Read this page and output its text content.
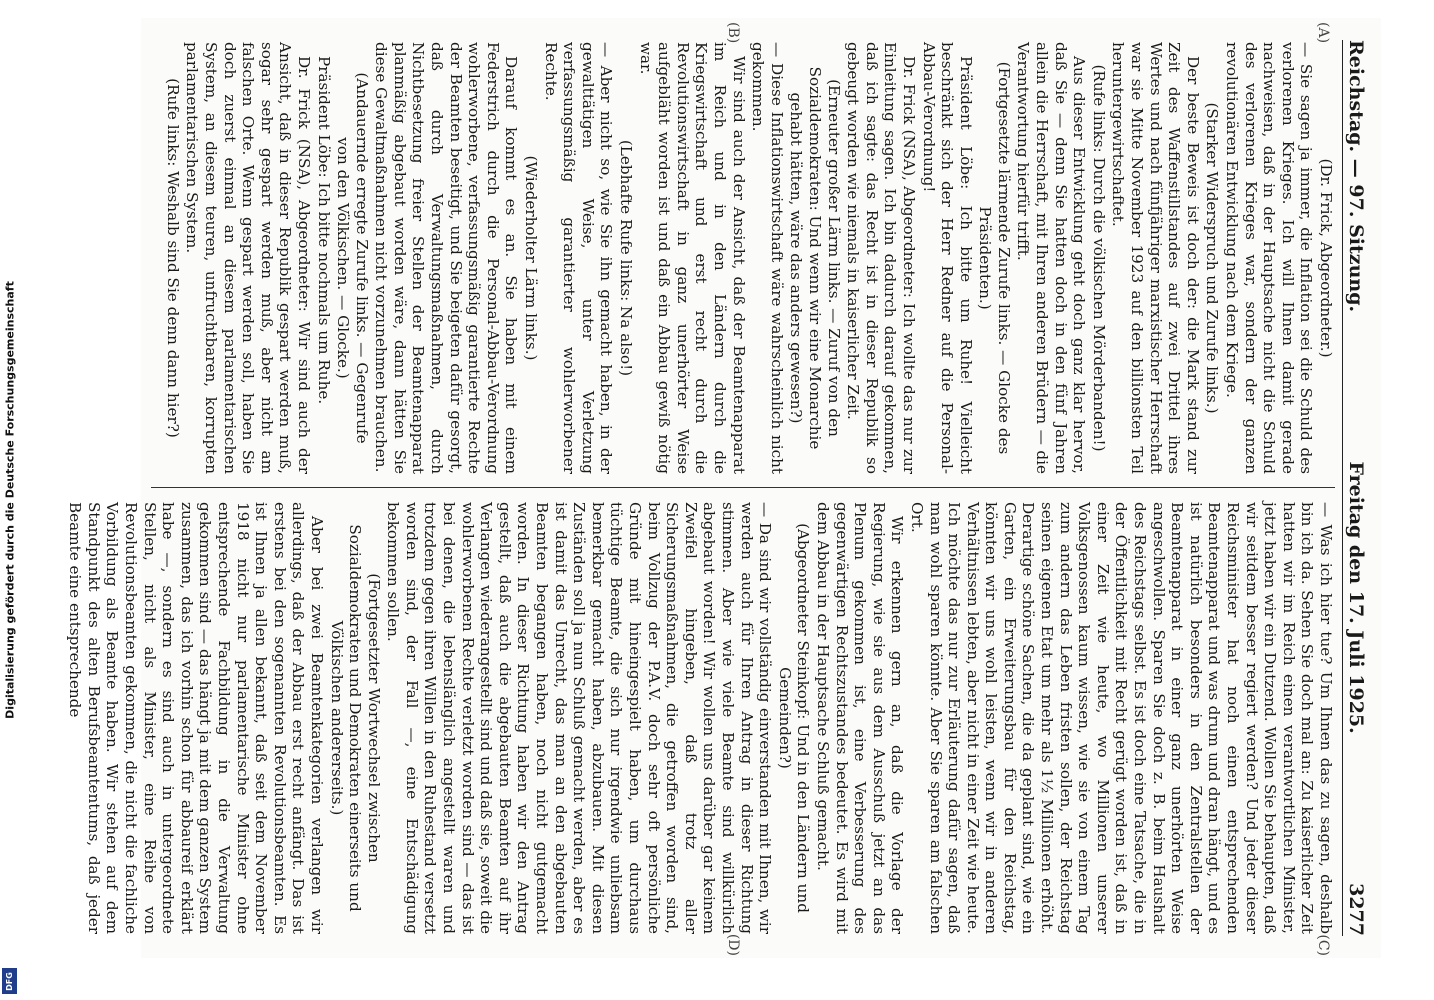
Digitalisierung gefördert durch die Deutsche Forschungsgemeinschaft
DFG
Reichstag. — 97. Sitzung.
Freitag den 17. Juli 1925.
3277

(Dr. Frick, Abgeordneter.)

— Sie sagen ja immer, die Inflation sei die Schuld des verlorenen Krieges. Ich will Ihnen damit gerade nachweisen, daß in der Hauptsache nicht die Schuld des verlorenen Krieges war, sondern der ganzen revolutionären Entwicklung nach dem Kriege.

(Starker Widerspruch und Zurufe links.)

Der beste Beweis ist doch der: die Mark stand zur Zeit des Waffenstillstandes auf zwei Drittel ihres Wertes und nach fünfjähriger marxistischer Herrschaft war sie Mitte November 1923 auf den billionsten Teil heruntergewirtschaftet.

(Rufe links: Durch die völkischen Mörderbanden!)

Aus dieser Entwicklung geht doch ganz klar hervor, daß Sie — denn Sie hatten doch in den fünf Jahren allein die Herrschaft, mit Ihren anderen Brüdern — die Verantwortung hierfür trifft.

(Fortgesetzte lärmende Zurufe links. — Glocke des Präsidenten.)

Präsident Löbe: Ich bitte um Ruhe! Vielleicht beschränkt sich der Herr Redner auf die Personal-Abbau-Verordnung!

Dr. Frick (NSA), Abgeordneter: Ich wollte das nur zur Einleitung sagen. Ich bin dadurch darauf gekommen, daß ich sagte: das Recht ist in dieser Republik so gebeugt worden wie niemals in kaiserlicher Zeit.

(Erneuter großer Lärm links. — Zuruf von den Sozialdemokraten: Und wenn wir eine Monarchie gehabt hätten, wäre das anders gewesen?)

— Diese Inflationswirtschaft wäre wahrscheinlich nicht gekommen.

Wir sind auch der Ansicht, daß der Beamtenapparat im Reich und in den Ländern durch die Kriegswirtschaft und erst recht durch die Revolutionswirtschaft in ganz unerhörter Weise aufgebläht worden ist und daß ein Abbau gewiß nötig war.

(Lebhafte Rufe links: Na also!)

— Aber nicht so, wie Sie ihn gemacht haben, in der gewalttätigen Weise, unter Verletzung verfassungsmäßig garantierter wohlerworbener Rechte.

(Wiederholter Lärm links.)

Darauf kommt es an. Sie haben mit einem Federstrich durch die Personal-Abbau-Verordnung wohlerworbene, verfassungsmäßig garantierte Rechte der Beamten beseitigt, und Sie beigeten dafür gesorgt, daß durch Verwaltungsmaßnahmen, durch Nichtbesetzung freier Stellen der Beamtenapparat planmäßig abgebaut worden wäre, dann hätten Sie diese Gewaltmaßnahmen nicht vorzunehmen brauchen.

(Andauernde erregte Zurufe links. — Gegenrufe von den Völkischen. — Glocke.)

Präsident Löbe: Ich bitte nochmals um Ruhe.

Dr. Frick (NSA), Abgeordneter: Wir sind auch der Ansicht, daß in dieser Republik gespart werden muß, sogar sehr gespart werden muß, aber nicht am falschen Orte. Wenn gespart werden soll, haben Sie doch zuerst einmal an diesem parlamentarischen System, an diesem teuren, unfruchtbaren, korrupten parlamentarischen System.

(Rufe links: Weshalb sind Sie denn dann hier?)

— Was ich hier tue? Um Ihnen das zu sagen, deshalb bin ich da. Sehen Sie doch mal an: Zu kaiserlicher Zeit hatten wir im Reich einen verantwortlichen Minister, jetzt haben wir ein Dutzend. Wollen Sie behaupten, daß wir seitdem besser regiert werden? Und jeder dieser Reichsminister hat noch einen entsprechenden Beamtenapparat und was drum und dran hängt, und es ist natürlich besonders in den Zentralstellen der Beamtenapparat in einer ganz unerhörten Weise angeschwollen. Sparen Sie doch z. B. beim Haushalt des Reichstags selbst. Es ist doch eine Tatsache, die in der Öffentlichkeit mit Recht gerügt worden ist, daß in einer Zeit wie heute, wo Millionen unserer Volksgenossen kaum wissen, wie sie von einem Tag zum andern das Leben fristen sollen, der Reichstag seinen eigenen Etat um mehr als 1½ Millionen erhöht. Derartige schöne Sachen, die da geplant sind, wie ein Garten, ein Erweiterungsbau für den Reichstag, könnten wir uns wohl leisten, wenn wir in anderen Verhältnissen lebten, aber nicht in einer Zeit wie heute. Ich möchte das nur zur Erläuterung dafür sagen, daß man wohl sparen könnte. Aber Sie sparen am falschen Ort.

Wir erkennen gern an, daß die Vorlage der Regierung, wie sie aus dem Ausschuß jetzt an das Plenum gekommen ist, eine Verbesserung des gegenwärtigen Rechtszustandes bedeutet. Es wird mit dem Abbau in der Hauptsache Schluß gemacht.

(Abgeordneter Steinkopf: Und in den Ländern und Gemeinden?)

— Da sind wir vollständig einverstanden mit Ihnen, wir werden auch für Ihren Antrag in dieser Richtung stimmen. Aber wie viele Beamte sind willkürlich abgebaut worden! Wir wollen uns darüber gar keinem Zweifel hingeben, daß trotz aller Sicherungsmaßnahmen, die getroffen worden sind, beim Vollzug der P.A.V. doch sehr oft persönliche Gründe mit hineingespielt haben, um durchaus tüchtige Beamte, die sich nur irgendwie unliebsam bemerkbar gemacht haben, abzubauen. Mit diesen Zuständen soll ja nun Schluß gemacht werden, aber es ist damit das Unrecht, das man an den abgebauten Beamten begangen haben, noch nicht gutgemacht worden. In dieser Richtung haben wir den Antrag gestellt, daß auch die abgebauten Beamten auf ihr Verlangen wiederangestellt sind und daß sie, soweit die wohlerworbenen Rechte verletzt worden sind — das ist bei denen, die lebenslänglich angestellt waren und trotzdem gegen ihren Willen in den Ruhestand versetzt worden sind, der Fall —, eine Entschädigung bekommen sollen.

(Fortgesetzter Wortwechsel zwischen Sozialdemokraten und Demokraten einerseits und Völkischen andererseits.)

Aber bei zwei Beamtenkategorien verlangen wir allerdings, daß der Abbau erst recht anfängt. Das ist erstens bei den sogenannten Revolutionsbeamten. Es ist Ihnen ja allen bekannt, daß seit dem November 1918 nicht nur parlamentarische Minister ohne entsprechende Fachbildung in die Verwaltung gekommen sind — das hängt ja mit dem ganzen System zusammen, das ich vorhin schon für abbaureif erklärt habe —, sondern es sind auch in untergeordnete Stellen, nicht als Minister, eine Reihe von Revolutionsbeamten gekommen, die nicht die fachliche Vorbildung als Beamte haben. Wir stehen auf dem Standpunkt des alten Berufsbeamtentums, daß jeder Beamte eine entsprechende

(A)
(B)
(C)
(D)
